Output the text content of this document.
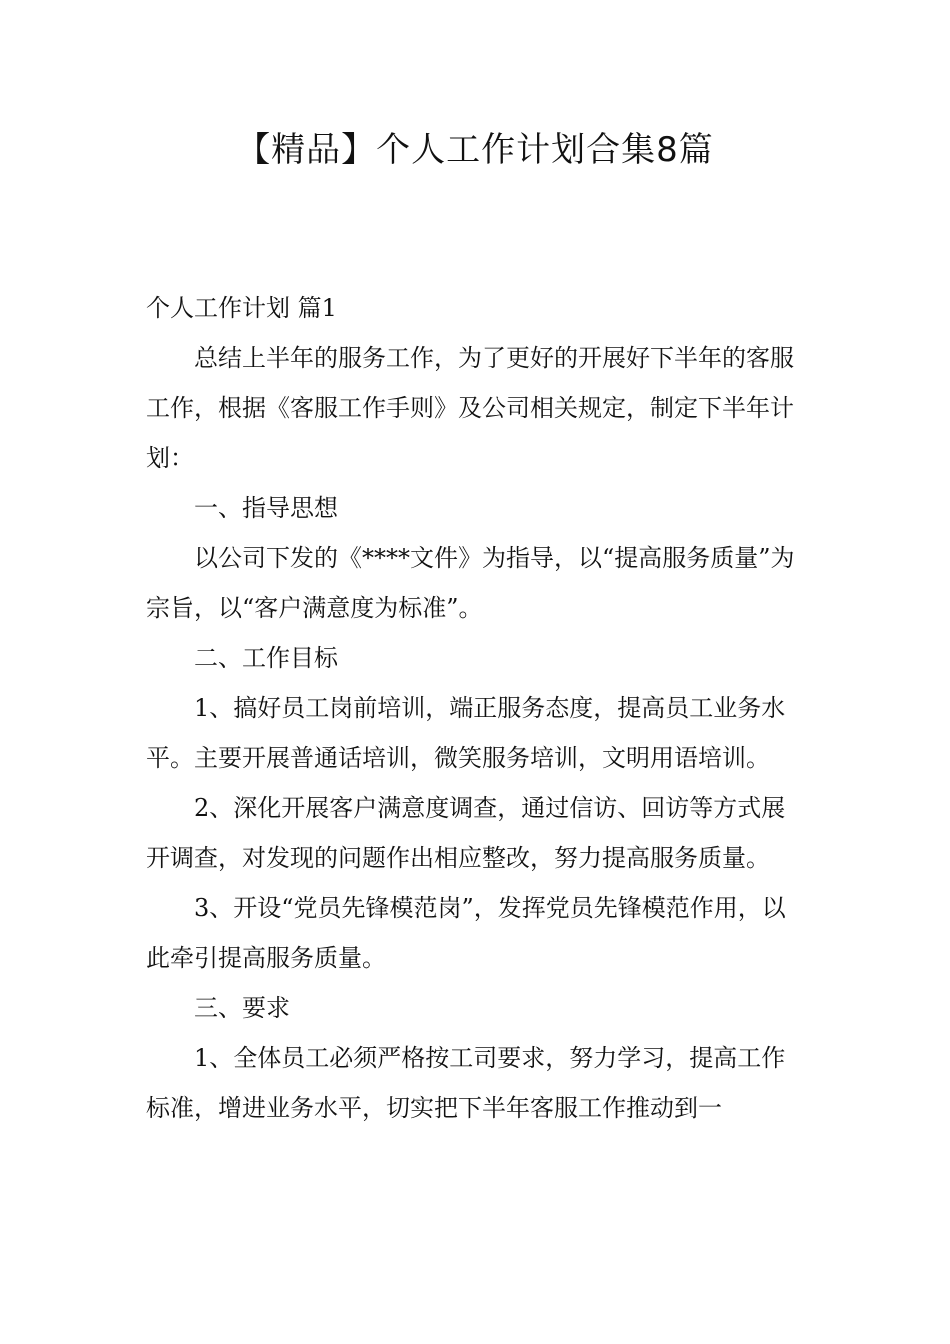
【精品】个人工作计划合集8篇

个人工作计划 篇1

总结上半年的服务工作，为了更好的开展好下半年的客服工作，根据《客服工作手则》及公司相关规定，制定下半年计划：

一、指导思想

以公司下发的《****文件》为指导，以“提高服务质量”为宗旨，以“客户满意度为标准”。

二、工作目标

1、搞好员工岗前培训，端正服务态度，提高员工业务水平。主要开展普通话培训，微笑服务培训，文明用语培训。

2、深化开展客户满意度调查，通过信访、回访等方式展开调查，对发现的问题作出相应整改，努力提高服务质量。

3、开设“党员先锋模范岗”，发挥党员先锋模范作用，以此牵引提高服务质量。

三、要求

1、全体员工必须严格按工司要求，努力学习，提高工作标准，增进业务水平，切实把下半年客服工作推动到一
